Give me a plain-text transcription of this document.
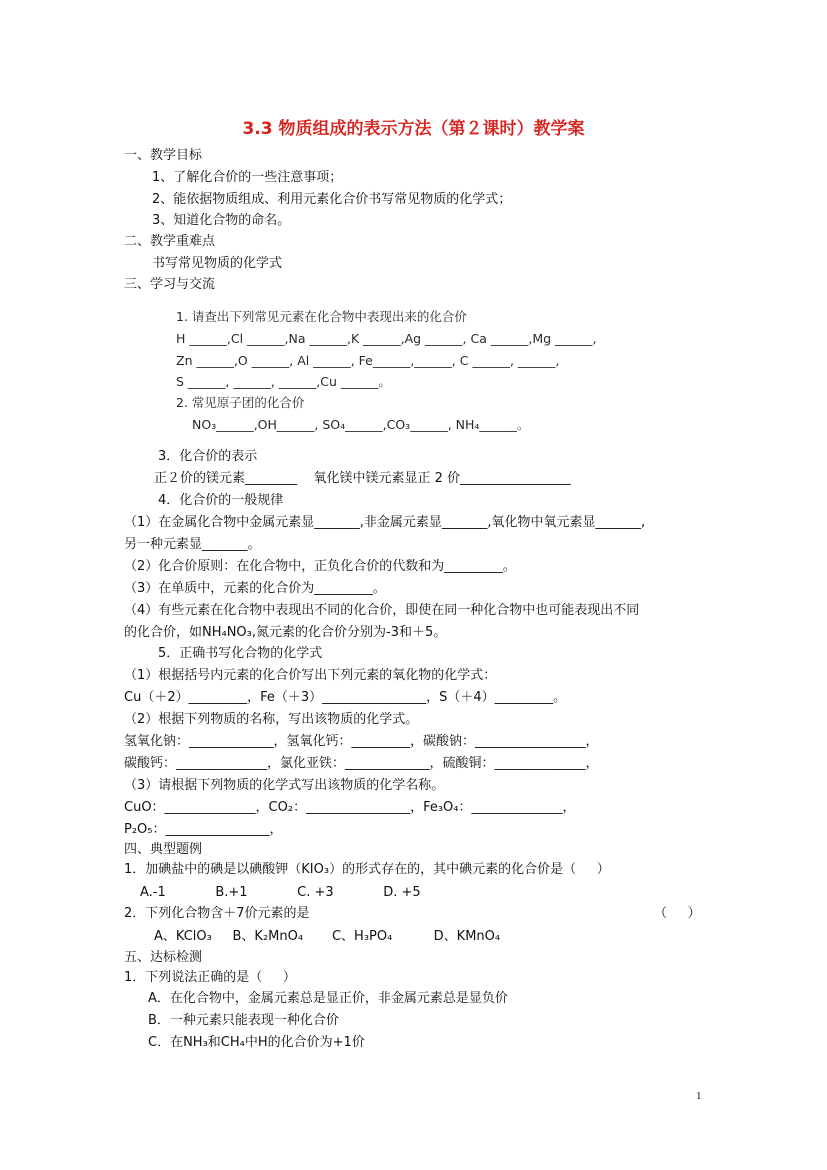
3.3 物质组成的表示方法（第２课时）教学案
一、教学目标
1、了解化合价的一些注意事项；
2、能依据物质组成、利用元素化合价书写常见物质的化学式；
3、知道化合物的命名。
二、教学重难点
书写常见物质的化学式
三、学习与交流
1. 请查出下列常见元素在化合物中表现出来的化合价
H ______,Cl ______,Na ______,K ______,Ag ______, Ca ______,Mg ______,
Zn ______,O ______, Al ______, Fe______,______, C ______, ______,
S ______, ______, ______,Cu ______。
2. 常见原子团的化合价
NO₃______,OH______, SO₄______,CO₃______, NH₄______。
3．化合价的表示
正２价的镁元素________    氧化镁中镁元素显正 2 价_________________
4．化合价的一般规律
（1）在金属化合物中金属元素显_______,非金属元素显_______,氧化物中氧元素显_______,
另一种元素显_______。
（2）化合价原则：在化合物中，正负化合价的代数和为_________。
（3）在单质中，元素的化合价为_________。
（4）有些元素在化合物中表现出不同的化合价，即使在同一种化合物中也可能表现出不同
的化合价，如NH₄NO₃,氮元素的化合价分别为-3和＋5。
5．正确书写化合物的化学式
（1）根据括号内元素的化合价写出下列元素的氧化物的化学式：
Cu（＋2）_________，Fe（＋3）________________，S（＋4）_________。
（2）根据下列物质的名称，写出该物质的化学式。
氢氧化钠：_____________，氢氧化钙：_________，碳酸钠：_________________，
碳酸钙：______________，氯化亚铁：_____________，硫酸铜：______________，
（3）请根据下列物质的化学式写出该物质的化学名称。
CuO：______________，CO₂：________________，Fe₃O₄：______________，
P₂O₅：________________，
四、典型题例
1．加碘盐中的碘是以碘酸钾（KIO₃）的形式存在的，其中碘元素的化合价是（     ）
A.-1            B.+1            C. +3            D. +5
2．下列化合物含＋7价元素的是	（     ）
A、KClO₃     B、K₂MnO₄       C、H₃PO₄          D、KMnO₄
五、达标检测
1．下列说法正确的是（     ）
A．在化合物中，金属元素总是显正价，非金属元素总是显负价
B．一种元素只能表现一种化合价
C．在NH₃和CH₄中H的化合价为+1价
1
